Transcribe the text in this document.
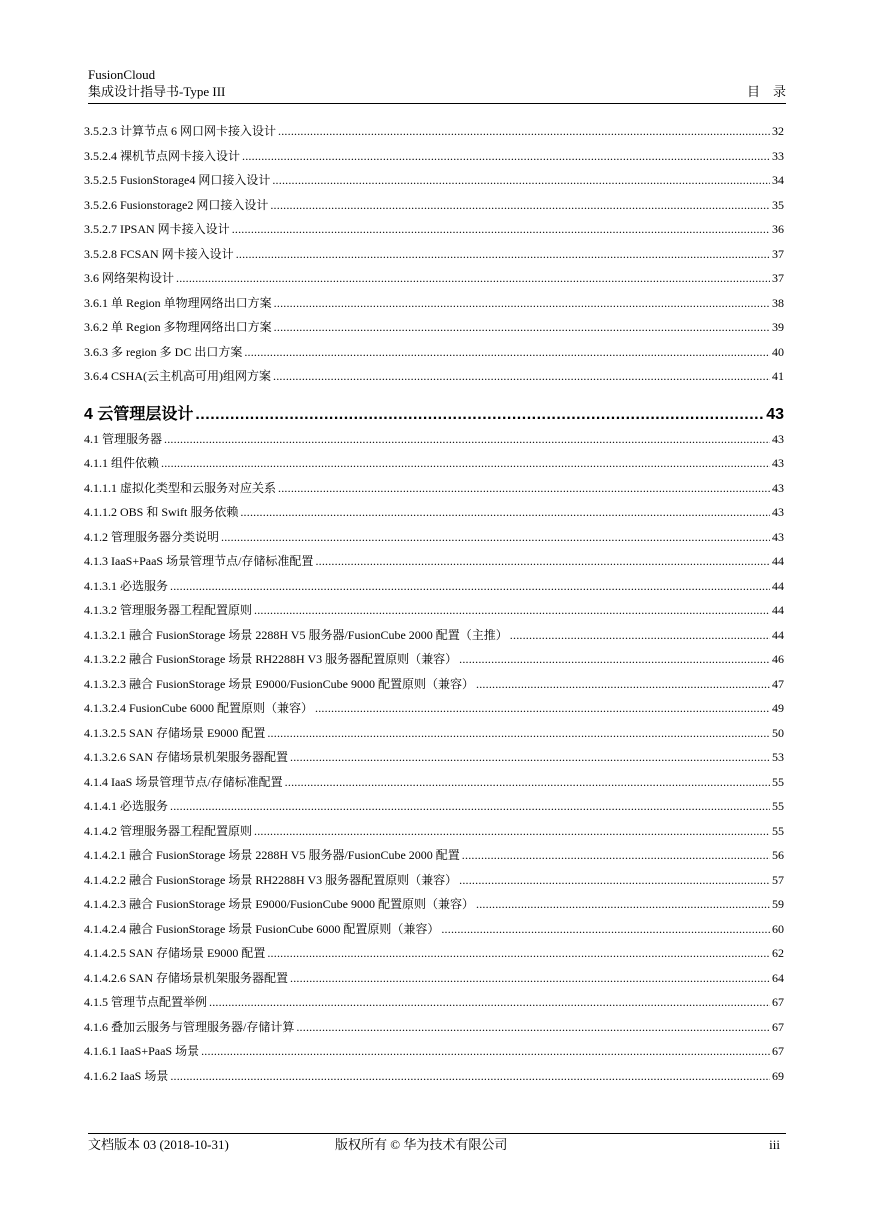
FusionCloud
集成设计指导书-Type III	目　录
3.5.2.3 计算节点 6 网口网卡接入设计 .....	32
3.5.2.4 裸机节点网卡接入设计 .....	33
3.5.2.5 FusionStorage4 网口接入设计 .....	34
3.5.2.6 Fusionstorage2 网口接入设计 .....	35
3.5.2.7 IPSAN 网卡接入设计 .....	36
3.5.2.8 FCSAN 网卡接入设计 .....	37
3.6 网络架构设计 .....	37
3.6.1 单 Region 单物理网络出口方案 .....	38
3.6.2 单 Region 多物理网络出口方案 .....	39
3.6.3 多 region 多 DC 出口方案 .....	40
3.6.4 CSHA(云主机高可用)组网方案 .....	41
4 云管理层设计 .....	43
4.1 管理服务器 .....	43
4.1.1 组件依赖 .....	43
4.1.1.1 虚拟化类型和云服务对应关系 .....	43
4.1.1.2 OBS 和 Swift 服务依赖 .....	43
4.1.2 管理服务器分类说明 .....	43
4.1.3 IaaS+PaaS 场景管理节点/存储标准配置 .....	44
4.1.3.1 必选服务 .....	44
4.1.3.2 管理服务器工程配置原则 .....	44
4.1.3.2.1 融合 FusionStorage 场景 2288H V5 服务器/FusionCube 2000 配置（主推） .....	44
4.1.3.2.2 融合 FusionStorage 场景 RH2288H V3 服务器配置原则（兼容） .....	46
4.1.3.2.3 融合 FusionStorage 场景 E9000/FusionCube 9000 配置原则（兼容） .....	47
4.1.3.2.4 FusionCube 6000 配置原则（兼容） .....	49
4.1.3.2.5 SAN 存储场景 E9000 配置 .....	50
4.1.3.2.6 SAN 存储场景机架服务器配置 .....	53
4.1.4 IaaS 场景管理节点/存储标准配置 .....	55
4.1.4.1 必选服务 .....	55
4.1.4.2 管理服务器工程配置原则 .....	55
4.1.4.2.1 融合 FusionStorage 场景 2288H V5 服务器/FusionCube 2000 配置 .....	56
4.1.4.2.2 融合 FusionStorage 场景 RH2288H V3 服务器配置原则（兼容） .....	57
4.1.4.2.3 融合 FusionStorage 场景 E9000/FusionCube 9000 配置原则（兼容） .....	59
4.1.4.2.4 融合 FusionStorage 场景 FusionCube 6000 配置原则（兼容） .....	60
4.1.4.2.5 SAN 存储场景 E9000 配置 .....	62
4.1.4.2.6 SAN 存储场景机架服务器配置 .....	64
4.1.5 管理节点配置举例 .....	67
4.1.6 叠加云服务与管理服务器/存储计算 .....	67
4.1.6.1 IaaS+PaaS 场景 .....	67
4.1.6.2 IaaS 场景 .....	69
文档版本 03 (2018-10-31)	版权所有 © 华为技术有限公司	iii
